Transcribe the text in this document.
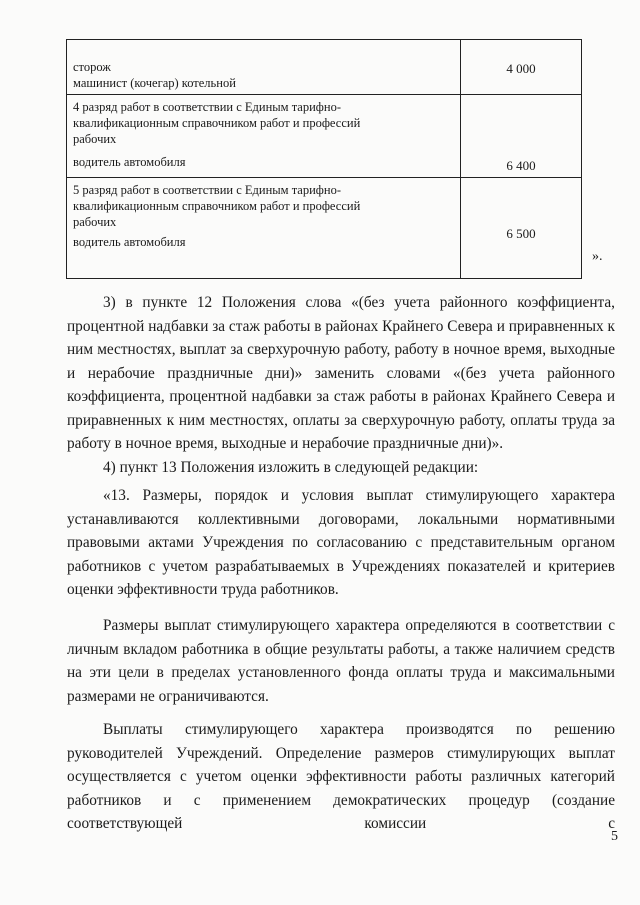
сторож
машинист (кочегар) котельной	4 000

4 разряд работ в соответствии с Единым тарифно-
квалификационным справочником работ и профессий
рабочих
водитель автомобиля	6 400

5 разряд работ в соответствии с Единым тарифно-
квалификационным справочником работ и профессий
рабочих
водитель автомобиля	6 500
».

3) в пункте 12 Положения слова «(без учета районного коэффициента, процентной надбавки за стаж работы в районах Крайнего Севера и приравненных к ним местностях, выплат за сверхурочную работу, работу в ночное время, выходные и нерабочие праздничные дни)» заменить словами «(без учета районного коэффициента, процентной надбавки за стаж работы в районах Крайнего Севера и приравненных к ним местностях, оплаты за сверхурочную работу, оплаты труда за работу в ночное время, выходные и нерабочие праздничные дни)».

4) пункт 13 Положения изложить в следующей редакции:

«13. Размеры, порядок и условия выплат стимулирующего характера устанавливаются коллективными договорами, локальными нормативными правовыми актами Учреждения по согласованию с представительным органом работников с учетом разрабатываемых в Учреждениях показателей и критериев оценки эффективности труда работников.

Размеры выплат стимулирующего характера определяются в соответствии с личным вкладом работника в общие результаты работы, а также наличием средств на эти цели в пределах установленного фонда оплаты труда и максимальными размерами не ограничиваются.

Выплаты стимулирующего характера производятся по решению руководителей Учреждений. Определение размеров стимулирующих выплат осуществляется с учетом оценки эффективности работы различных категорий работников и с применением демократических процедур (создание соответствующей комиссии с

5
